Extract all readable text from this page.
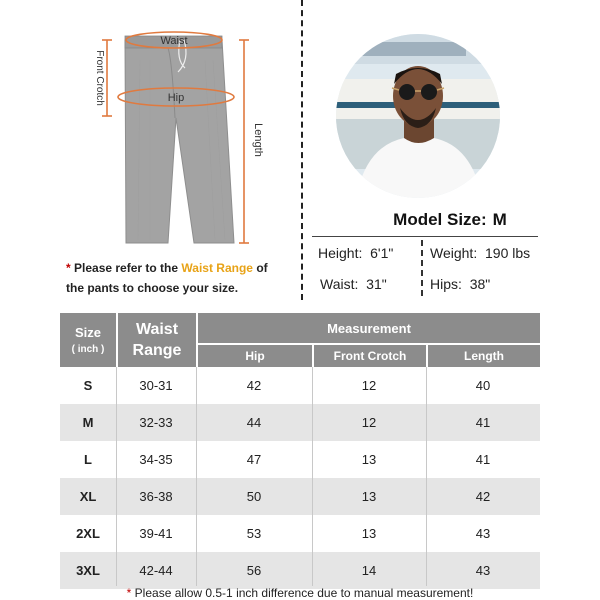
Waist
Hip
Front Crotch
Length
Model Size: M
Height: 6'1"	Weight: 190 lbs
Waist: 31"	Hips: 38"
* Please refer to the Waist Range of the pants to choose your size.
Size
( inch )
Waist
Range
Measurement
Hip	Front Crotch	Length
S	30-31	42	12	40
M	32-33	44	12	41
L	34-35	47	13	41
XL	36-38	50	13	42
2XL	39-41	53	13	43
3XL	42-44	56	14	43
* Please allow 0.5-1 inch difference due to manual measurement!
